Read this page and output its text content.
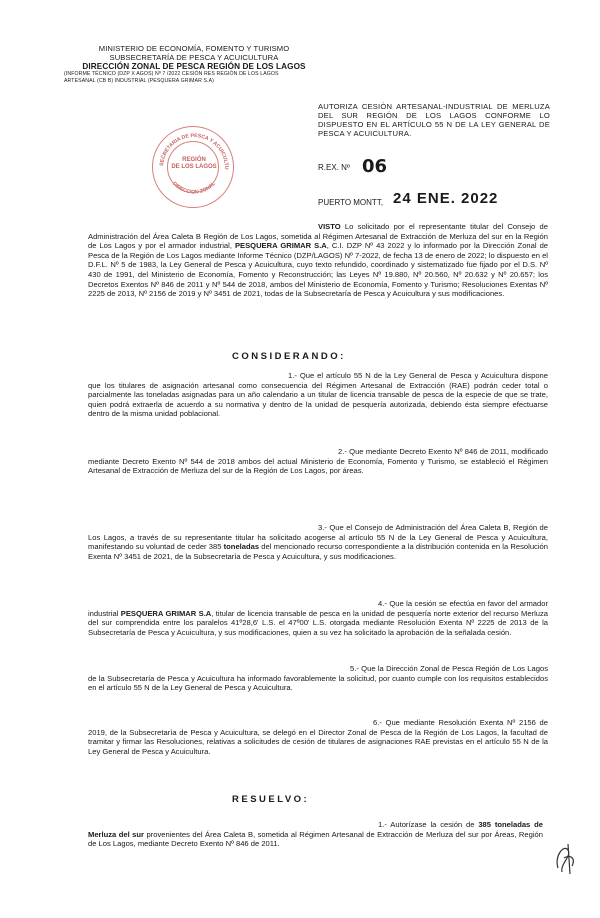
MINISTERIO DE ECONOMÍA, FOMENTO Y TURISMO
SUBSECRETARÍA DE PESCA Y ACUICULTURA
DIRECCIÓN ZONAL DE PESCA REGIÓN DE LOS LAGOS
(INFORME TÉCNICO (DZP X AGOS) Nº 7 /2022 CESIÓN RES REGIÓN DE LOS LAGOS
ARTESANAL (CB B) INDUSTRIAL (PESQUERA GRIMAR S.A)
SECRETARIA DE PESCA Y ACUICULTU
DIRECCION ZONAL
REGIÓN
DE LOS LAGOS
AUTORIZA CESIÓN ARTESANAL-INDUSTRIAL DE MERLUZA DEL SUR REGIÓN DE LOS LAGOS CONFORME LO DISPUESTO EN EL ARTÍCULO 55 N DE LA LEY GENERAL DE PESCA Y ACUICULTURA.
R.EX. Nº 06
PUERTO MONTT, 24 ENE. 2022
VISTO Lo solicitado por el representante titular del Consejo de Administración del Área Caleta B Región de Los Lagos, sometida al Régimen Artesanal de Extracción de Merluza del sur en la Región de Los Lagos y por el armador industrial, PESQUERA GRIMAR S.A, C.I. DZP Nº 43 2022 y lo informado por la Dirección Zonal de Pesca de la Región de Los Lagos mediante Informe Técnico (DZP/LAGOS) Nº 7-2022, de fecha 13 de enero de 2022; lo dispuesto en el D.F.L. Nº 5 de 1983, la Ley General de Pesca y Acuicultura, cuyo texto refundido, coordinado y sistematizado fue fijado por el D.S. Nº 430 de 1991, del Ministerio de Economía, Fomento y Reconstrucción; las Leyes Nº 19.880, Nº 20.560, Nº 20.632 y Nº 20.657; los Decretos Exentos Nº 846 de 2011 y Nº 544 de 2018, ambos del Ministerio de Economía, Fomento y Turismo; Resoluciones Exentas Nº 2225 de 2013, Nº 2156 de 2019 y Nº 3451 de 2021, todas de la Subsecretaría de Pesca y Acuicultura y sus modificaciones.
CONSIDERANDO:
1.- Que el artículo 55 N de la Ley General de Pesca y Acuicultura dispone que los titulares de asignación artesanal como consecuencia del Régimen Artesanal de Extracción (RAE) podrán ceder total o parcialmente las toneladas asignadas para un año calendario a un titular de licencia transable de pesca de la especie de que se trate, quien podrá extraerla de acuerdo a su normativa y dentro de la unidad de pesquería autorizada, debiendo ésta siempre efectuarse dentro de la misma unidad poblacional.
2.- Que mediante Decreto Exento Nº 846 de 2011, modificado mediante Decreto Exento Nº 544 de 2018 ambos del actual Ministerio de Economía, Fomento y Turismo, se estableció el Régimen Artesanal de Extracción de Merluza del sur de la Región de Los Lagos, por áreas.
3.- Que el Consejo de Administración del Área Caleta B, Región de Los Lagos, a través de su representante titular ha solicitado acogerse al artículo 55 N de la Ley General de Pesca y Acuicultura, manifestando su voluntad de ceder 385 toneladas del mencionado recurso correspondiente a la distribución contenida en la Resolución Exenta Nº 3451 de 2021, de la Subsecretaría de Pesca y Acuicultura, y sus modificaciones.
4.- Que la cesión se efectúa en favor del armador industrial PESQUERA GRIMAR S.A, titular de licencia transable de pesca en la unidad de pesquería norte exterior del recurso Merluza del sur comprendida entre los paralelos 41º28,6' L.S. el 47º00' L.S. otorgada mediante Resolución Exenta Nº 2225 de 2013 de la Subsecretaría de Pesca y Acuicultura, y sus modificaciones, quien a su vez ha solicitado la aprobación de la señalada cesión.
5.- Que la Dirección Zonal de Pesca Región de Los Lagos de la Subsecretaría de Pesca y Acuicultura ha informado favorablemente la solicitud, por cuanto cumple con los requisitos establecidos en el artículo 55 N de la Ley General de Pesca y Acuicultura.
6.- Que mediante Resolución Exenta Nº 2156 de 2019, de la Subsecretaría de Pesca y Acuicultura, se delegó en el Director Zonal de Pesca de la Región de Los Lagos, la facultad de tramitar y firmar las Resoluciones, relativas a solicitudes de cesión de titulares de asignaciones RAE previstas en el artículo 55 N de la Ley General de Pesca y Acuicultura.
RESUELVO:
1.- Autorízase la cesión de 385 toneladas de Merluza del sur provenientes del Área Caleta B, sometida al Régimen Artesanal de Extracción de Merluza del sur por Áreas, Región de Los Lagos, mediante Decreto Exento Nº 846 de 2011.
